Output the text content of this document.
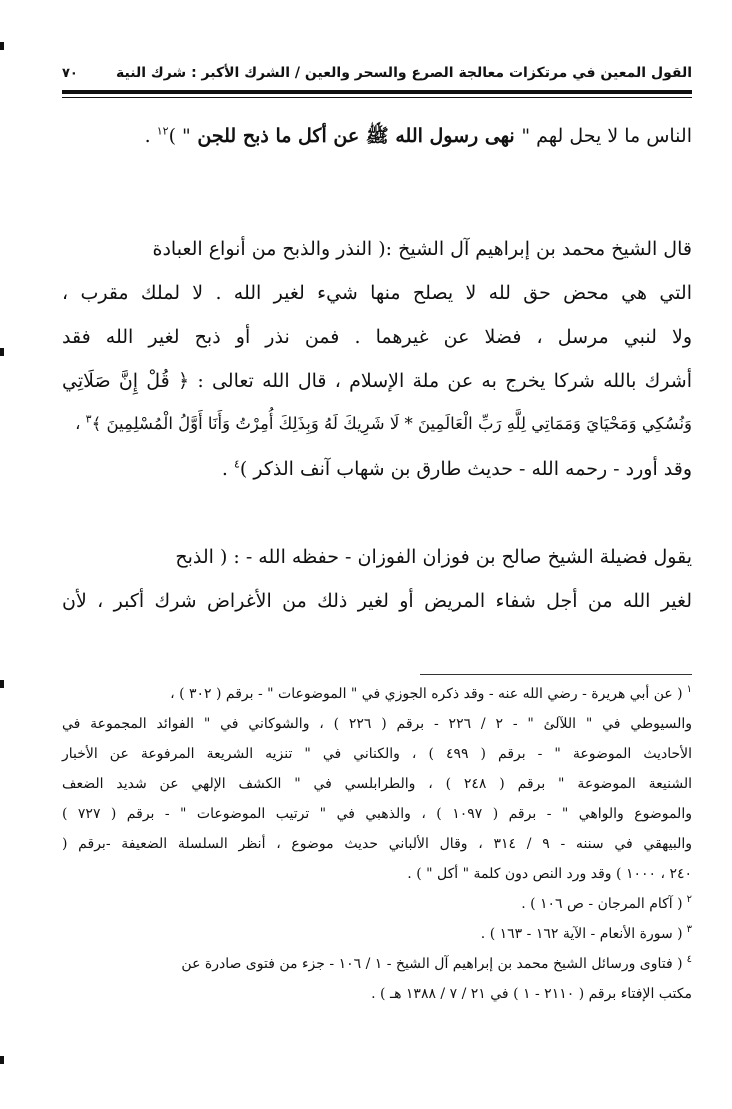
القول المعين في مرتكزات معالجة الصرع والسحر والعين / الشرك الأكبر : شرك النية
٧٠
الناس ما لا يحل لهم " نهى رسول الله ﷺ عن أكل ما ذبح للجن " )$^{١٢}$ .
قال الشيخ محمد بن إبراهيم آل الشيخ :( النذر والذبح من أنواع العبادة
التي هي محض حق لله لا يصلح منها شيء لغير الله . لا لملك مقرب ،
ولا لنبي مرسل ، فضلا عن غيرهما . فمن نذر أو ذبح لغير الله فقد
أشرك بالله شركا يخرج به عن ملة الإسلام ، قال الله تعالى : ﴿ قُلْ إِنَّ صَلَاتِي
وَنُسُكِي وَمَحْيَايَ وَمَمَاتِي لِلَّهِ رَبِّ الْعَالَمِينَ * لَا شَرِيكَ لَهُ وَبِذَلِكَ أُمِرْتُ وَأَنَا أَوَّلُ الْمُسْلِمِينَ ﴾$^٣$ ،
وقد أورد - رحمه الله - حديث طارق بن شهاب آنف الذكر )$^٤$ .
يقول فضيلة الشيخ صالح بن فوزان الفوزان - حفظه الله - : ( الذبح
لغير الله من أجل شفاء المريض أو لغير ذلك من الأغراض شرك أكبر ، لأن
$^١$( عن أبي هريرة - رضي الله عنه - وقد ذكره الجوزي في " الموضوعات " - برقم ( ٣٠٢ ) ،
والسيوطي في " اللآلئ " - ٢ / ٢٢٦ - برقم ( ٢٢٦ ) ، والشوكاني في " الفوائد المجموعة في
الأحاديث الموضوعة " - برقم ( ٤٩٩ ) ، والكناني في " تنزيه الشريعة المرفوعة عن الأخبار
الشنيعة الموضوعة " برقم ( ٢٤٨ ) ، والطرابلسي في " الكشف الإلهي عن شديد الضعف
والموضوع والواهي " - برقم ( ١٠٩٧ ) ، والذهبي في " ترتيب الموضوعات " - برقم ( ٧٢٧ )
والبيهقي في سننه - ٩ / ٣١٤ ، وقال الألباني حديث موضوع ، أنظر السلسلة الضعيفة -برقم (
٢٤٠ ، ١٠٠٠ ) وقد ورد النص دون كلمة " أكل " ) .
$^٢$( آكام المرجان - ص ١٠٦ ) .
$^٣$( سورة الأنعام - الآية ١٦٢ - ١٦٣ ) .
$^٤$( فتاوى ورسائل الشيخ محمد بن إبراهيم آل الشيخ - ١ / ١٠٦ - جزء من فتوى صادرة عن
مكتب الإفتاء برقم ( ٢١١٠ - ١ ) في ٢١ / ٧ / ١٣٨٨ هـ ) .
